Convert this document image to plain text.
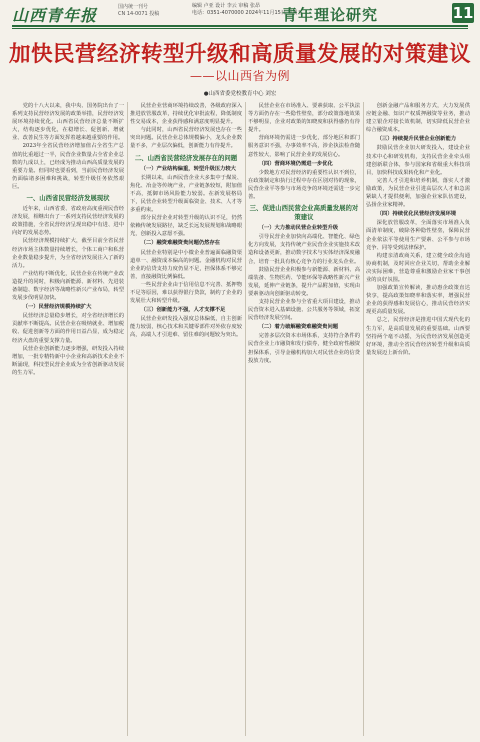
山西青年报	国内统一刊号
CN 14-0071 投稿
编辑 卢亚 设计 李云 审稿 张昂
电话：0351-4070000 2024年11月15日 星期五
青年理论研究	11
加快民营经济转型升级和高质量发展的对策建议
——以山西省为例
●山西省委党校教育中心 刘宏

党的十八大以来，我中央、国务院出台了一系列支持民营经济发展的政策举措，民营经济发展环境持续优化。山西省民营经济总量不断扩大，结构逐步优化，在稳增长、促创新、增就业、改善民生等方面发挥着越来越重要的作用。

2023年全省民营经济增加值占全省生产总值的比重超过一半，民营企业数量占全省企业总数的九成以上，已经成为推动山西高质量发展的重要力量。但同时也要看到，当前民营经济发展仍面临诸多困难和挑战，转型升级任务依然艰巨。

一、山西省民营经济发展现状

近年来，山西省委、省政府高度重视民营经济发展，相继出台了一系列支持民营经济发展的政策措施，全省民营经济呈现出稳中有进、进中向好的发展态势。

民营经济规模持续扩大，截至目前全省民营经济市场主体数量持续增长，个体工商户和私营企业数量稳步提升，为全省经济发展注入了新的活力。

产业结构不断优化，民营企业在传统产业改造提升的同时，积极向新能源、新材料、先进装备制造、数字经济等战略性新兴产业布局，转型发展步伐明显加快。

（一）民营经济规模持续扩大

民营经济总量稳步增长，对全省经济增长的贡献率不断提高。民营企业在吸纳就业、增加税收、促进创新等方面的作用日益凸显，成为稳定经济大盘的重要支撑力量。

民营企业创新能力逐步增强，研发投入持续增加，一批专精特新中小企业和高新技术企业不断涌现，科技型民营企业成为全省创新驱动发展的生力军。

民营企业营商环境持续改善，各级政府深入推进放管服改革，持续优化审批流程，降低制度性交易成本，企业获得感和满意度明显提升。

与此同时，山西省民营经济发展也存在一些突出问题。民营企业总体规模偏小，龙头企业数量不多，产业层次偏低，创新能力有待提升。

二、山西省民营经济发展存在的问题
（一）产业结构偏重，转型升级压力较大

长期以来，山西民营企业大多集中于煤炭、焦化、冶金等传统产业，产业链条较短，附加值不高，抵御市场风险能力较弱。在新发展格局下，民营企业转型升级面临资金、技术、人才等多重约束。

部分民营企业对转型升级的认识不足，仍然依赖传统发展路径，缺乏长远发展规划和战略眼光，创新投入意愿不强。

（二）融资难融资贵问题仍然存在

民营企业特别是中小微企业普遍面临融资渠道单一、融资成本偏高的问题。金融机构对民营企业的信贷支持力度仍显不足，担保体系不够完善，直接融资比例偏低。

一些民营企业由于信用信息不完善、抵押物不足等原因，难以获得银行贷款，制约了企业的发展壮大和转型升级。

（三）创新能力不强，人才支撑不足

民营企业研发投入强度总体偏低，自主创新能力较弱，核心技术和关键零部件对外依存度较高，高端人才引进难、留住难的问题较为突出。

民营企业在市场准入、要素获取、公平执法等方面仍存在一些隐性壁垒，部分政策落地效果不够明显，企业对政策的知晓度和获得感仍有待提升。

营商环境仍需进一步优化，部分地区和部门服务意识不强，办事效率不高，涉企执法检查随意性较大，影响了民营企业的发展信心。

（四）营商环境仍需进一步优化

少数地方对民营经济的重要性认识不到位，在政策制定和执行过程中存在区别对待的现象，民营企业平等参与市场竞争的环境还需进一步完善。

三、促进山西民营企业高质量发展的对策建议
（一）大力推动民营企业转型升级

引导民营企业加快向高端化、智能化、绿色化方向发展，支持传统产业民营企业实施技术改造和设备更新，推动数字技术与实体经济深度融合，培育一批具有核心竞争力的行业龙头企业。

鼓励民营企业积极参与新能源、新材料、高端装备、生物医药、节能环保等战略性新兴产业发展，延伸产业链条，提升产品附加值，实现由要素驱动向创新驱动转变。

支持民营企业参与全省重大项目建设，推动民营资本进入基础设施、公共服务等领域，拓宽民营经济发展空间。

（二）着力破解融资难融资贵问题

完善多层次资本市场体系，支持符合条件的民营企业上市融资和发行债券，健全政府性融资担保体系，引导金融机构加大对民营企业的信贷投放力度。

创新金融产品和服务方式，大力发展供应链金融、知识产权质押融资等业务，推动建立银企对接长效机制，切实降低民营企业综合融资成本。

（三）持续提升民营企业创新能力

鼓励民营企业加大研发投入，建设企业技术中心和研发机构，支持民营企业牵头组建创新联合体，参与国家和省级重大科技项目，加快科技成果转化和产业化。

完善人才引进和培养机制，落实人才激励政策，为民营企业引进高层次人才和急需紧缺人才提供便利，加强企业家队伍建设，弘扬企业家精神。

（四）持续优化民营经济发展环境

深化放管服改革，全面落实市场准入负面清单制度，破除各种隐性壁垒，保障民营企业依法平等使用生产要素、公平参与市场竞争、同等受到法律保护。

构建亲清政商关系，建立健全政企沟通协商机制，及时回应企业关切，帮助企业解决实际困难，营造尊重和激励企业家干事创业的良好氛围。

加强政策宣传解读，推动惠企政策直达快享，提高政策知晓率和落实率，增强民营企业的获得感和发展信心，推动民营经济实现更高质量发展。

总之，民营经济是推进中国式现代化的生力军，是高质量发展的重要基础。山西要坚持两个毫不动摇，为民营经济发展创造更好环境，推动全省民营经济转型升级和高质量发展迈上新台阶。
